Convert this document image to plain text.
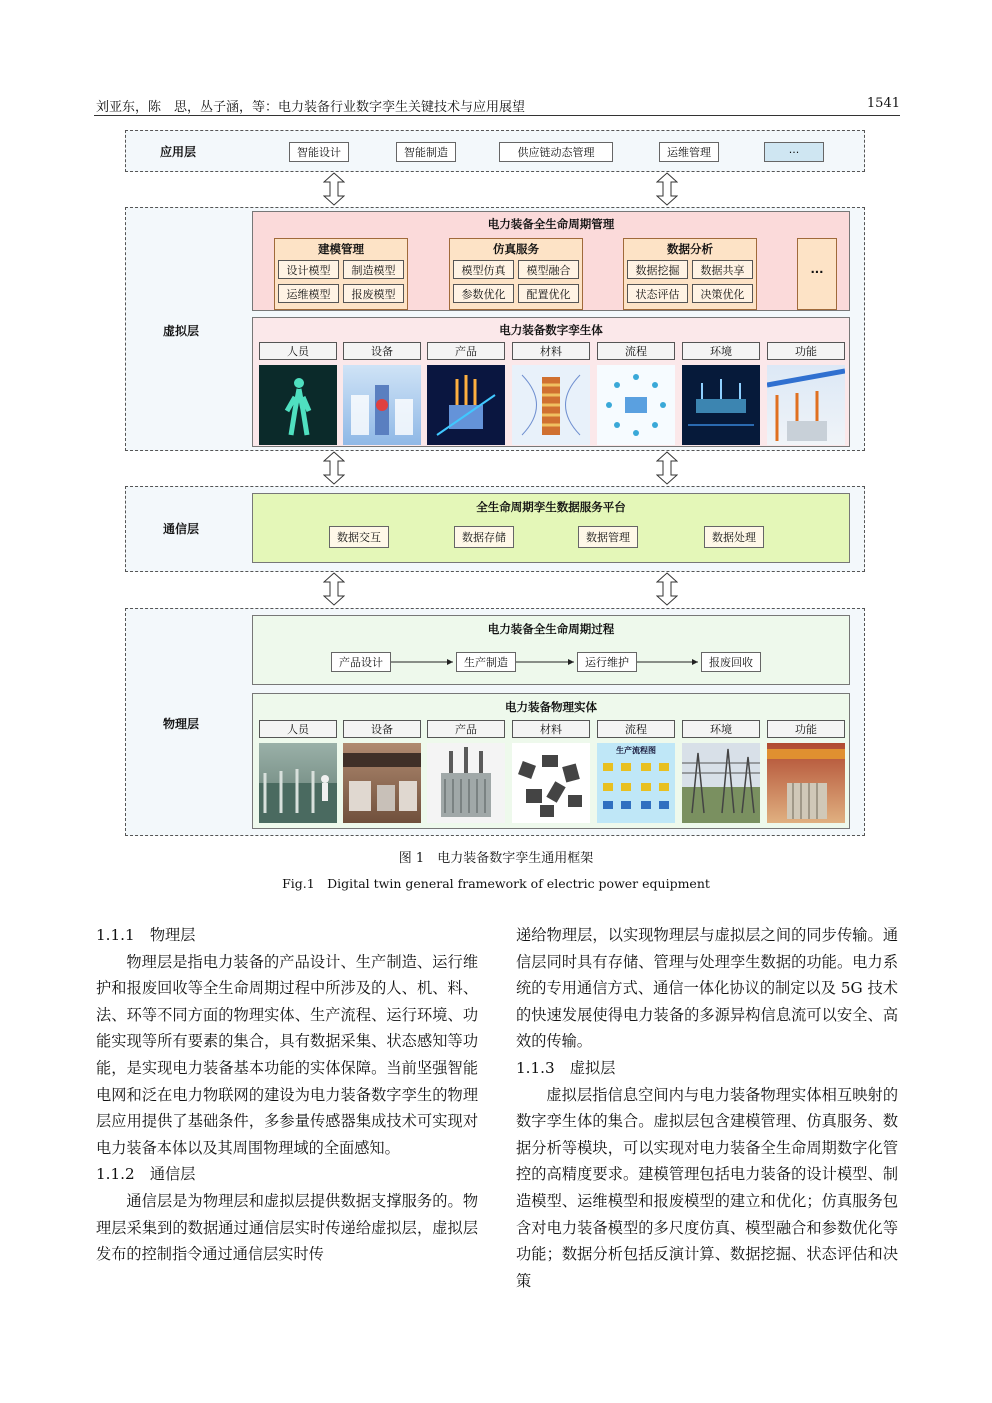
刘亚东，陈　思，丛子涵，等：电力装备行业数字孪生关键技术与应用展望	1541
应用层	智能设计	智能制造	供应链动态管理	运维管理	···
虚拟层
电力装备全生命周期管理
建模管理
设计模型	制造模型
运维模型	报废模型
仿真服务
模型仿真	模型融合
参数优化	配置优化
数据分析
数据挖掘	数据共享
状态评估	决策优化
···
电力装备数字孪生体
人员	设备	产品	材料	流程	环境	功能
通信层
全生命周期孪生数据服务平台
数据交互	数据存储	数据管理	数据处理
物理层
电力装备全生命周期过程
产品设计	生产制造	运行维护	报废回收
电力装备物理实体
人员	设备	产品	材料	流程	环境	功能
生产流程图
图 1　电力装备数字孪生通用框架
Fig.1　Digital twin general framework of electric power equipment

1.1.1　物理层

物理层是指电力装备的产品设计、生产制造、运行维护和报废回收等全生命周期过程中所涉及的人、机、料、法、环等不同方面的物理实体、生产流程、运行环境、功能实现等所有要素的集合，具有数据采集、状态感知等功能，是实现电力装备基本功能的实体保障。当前坚强智能电网和泛在电力物联网的建设为电力装备数字孪生的物理层应用提供了基础条件，多参量传感器集成技术可实现对电力装备本体以及其周围物理域的全面感知。

1.1.2　通信层

通信层是为物理层和虚拟层提供数据支撑服务的。物理层采集到的数据通过通信层实时传递给虚拟层，虚拟层发布的控制指令通过通信层实时传

递给物理层，以实现物理层与虚拟层之间的同步传输。通信层同时具有存储、管理与处理孪生数据的功能。电力系统的专用通信方式、通信一体化协议的制定以及 5G 技术的快速发展使得电力装备的多源异构信息流可以安全、高效的传输。

1.1.3　虚拟层

虚拟层指信息空间内与电力装备物理实体相互映射的数字孪生体的集合。虚拟层包含建模管理、仿真服务、数据分析等模块，可以实现对电力装备全生命周期数字化管控的高精度要求。建模管理包括电力装备的设计模型、制造模型、运维模型和报废模型的建立和优化；仿真服务包含对电力装备模型的多尺度仿真、模型融合和参数优化等功能；数据分析包括反演计算、数据挖掘、状态评估和决策
